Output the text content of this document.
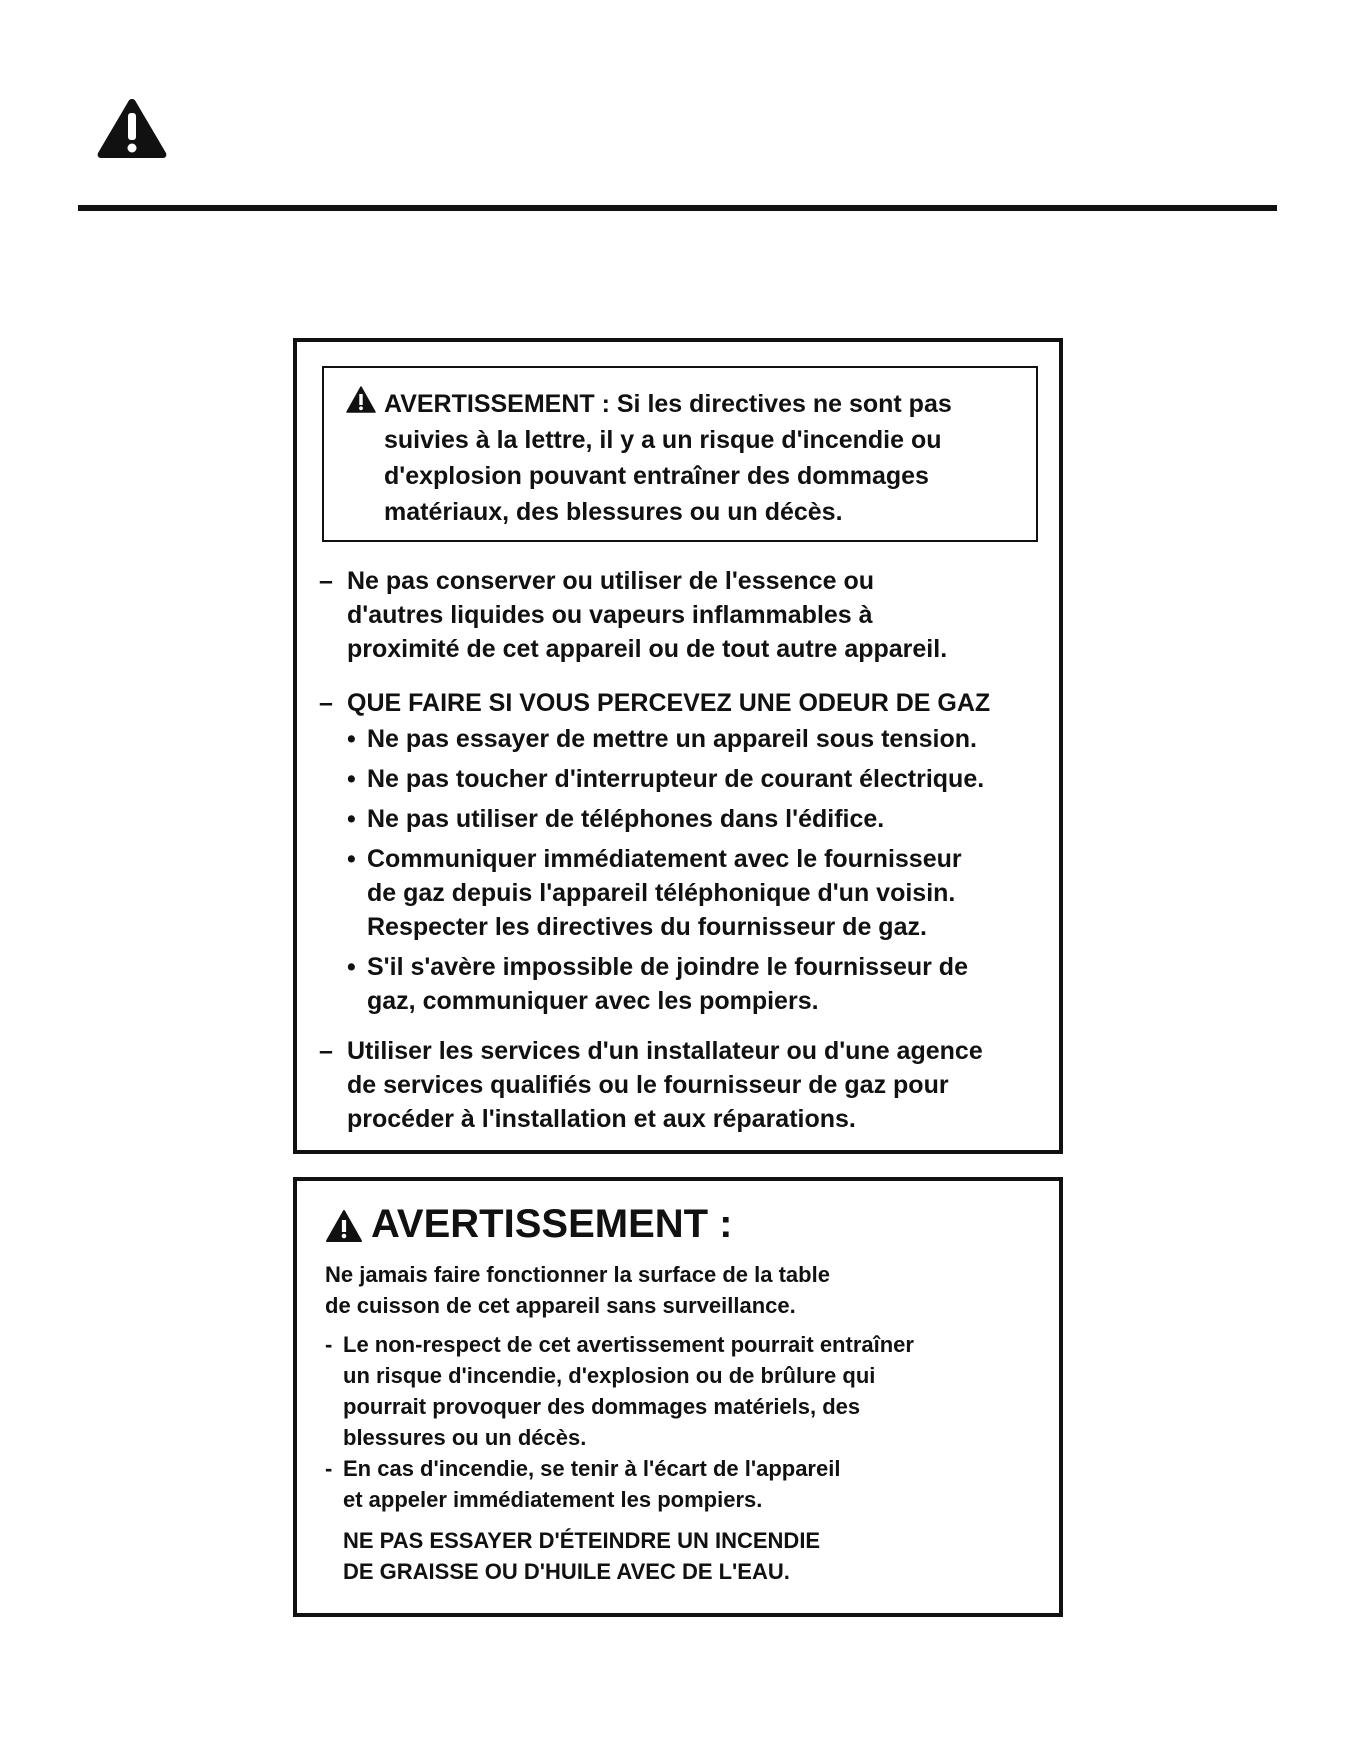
AVERTISSEMENT : Si les directives ne sont pas
suivies à la lettre, il y a un risque d'incendie ou
d'explosion pouvant entraîner des dommages
matériaux, des blessures ou un décès.
– Ne pas conserver ou utiliser de l'essence ou
d'autres liquides ou vapeurs inflammables à
proximité de cet appareil ou de tout autre appareil.
– QUE FAIRE SI VOUS PERCEVEZ UNE ODEUR DE GAZ
• Ne pas essayer de mettre un appareil sous tension.
• Ne pas toucher d'interrupteur de courant électrique.
• Ne pas utiliser de téléphones dans l'édifice.
• Communiquer immédiatement avec le fournisseur
de gaz depuis l'appareil téléphonique d'un voisin.
Respecter les directives du fournisseur de gaz.
• S'il s'avère impossible de joindre le fournisseur de
gaz, communiquer avec les pompiers.
– Utiliser les services d'un installateur ou d'une agence
de services qualifiés ou le fournisseur de gaz pour
procéder à l'installation et aux réparations.
AVERTISSEMENT :
Ne jamais faire fonctionner la surface de la table
de cuisson de cet appareil sans surveillance.
- Le non-respect de cet avertissement pourrait entraîner
un risque d'incendie, d'explosion ou de brûlure qui
pourrait provoquer des dommages matériels, des
blessures ou un décès.
- En cas d'incendie, se tenir à l'écart de l'appareil
et appeler immédiatement les pompiers.
NE PAS ESSAYER D'ÉTEINDRE UN INCENDIE
DE GRAISSE OU D'HUILE AVEC DE L'EAU.
